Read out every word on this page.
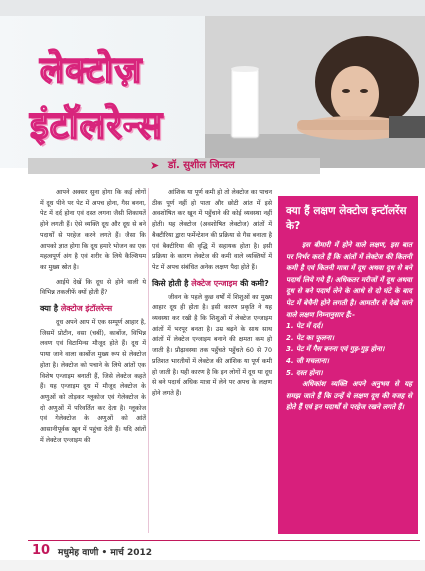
लेक्टोज़
इंटॉलरेन्स
➤ डॉ. सुशील जिन्दल

आपने अक्सर सुना होगा कि कई लोगों में दूध पीने पर पेट में अपच होना, गैस बनना, पेट में दर्द होना एवं दस्त लगना जैसी शिकायतें होने लगती हैं। ऐसे व्यक्ति दूध और दूध से बने पदार्थों से परहेज करने लगते हैं। जैसा कि आपको ज्ञात होगा कि दूध हमारे भोजन का एक महत्वपूर्ण अंग है एवं शरीर के लिये कैल्शियम का मुख्य स्रोत है।

आईये देखें कि दूध से होने वाली ये विभिन्न तकलीफें क्यों होती हैं?

क्या है लेक्टोज इंटॉलरेन्स

दूध अपने आप में एक सम्पूर्ण आहार है, जिसमें प्रोटीन, वसा (चर्बी), कार्बोज, विभिन्न लवण एवं विटामिन्स मौजूद होते हैं। दूध में पाया जाने वाला कार्बोज मुख्य रूप से लेक्टोज होता है। लेक्टोज को पचाने के लिये आंतों एक विशेष एन्जाइम बनाती हैं, जिसे लेक्टेज कहते हैं। यह एन्जाइम दूध में मौजूद लेक्टोज के अणुओं को तोड़कर ग्लूकोज एवं गेलेक्टोज के दो अणुओं में परिवर्तित कर देता है। ग्लूकोज एवं गेलेक्टोज के अणुओं को आंतें आसानीपूर्वक खून में पहुंचा देती हैं। यदि आंतों में लेक्टेज एन्जाइम की

आंशिक या पूर्ण कमी हो तो लेक्टोज का पाचन ठीक पूर्ण नहीं हो पाता और छोटी आंत में इसे अवशोषित कर खून में पहुँचाने की कोई व्यवस्था नहीं होती। यह लेक्टोज (अवशोषित लेक्टोज) आंतों में बैक्टीरिया द्वारा फर्मेन्टेशन की प्रक्रिया से गैस बनाता है एवं बैक्टीरिया की वृद्धि में सहायक होता है। इसी प्रक्रिया के कारण लेक्टेज की कमी वाले व्यक्तियों में पेट में अपच संबंधित अनेक लक्षण पैदा होते हैं।

किसे होती है लेक्टेज एन्जाइम की कमी?

जीवन के पहले कुछ वर्षों में शिशुओं का मुख्य आहार दूध ही होता है। इसी कारण प्रकृति ने यह व्यवस्था कर रखी है कि शिशुओं में लेक्टेज एन्जाइम आंतों में भरपूर बनता है। उम्र बढ़ने के साथ साथ आंतों में लेक्टेज एन्जाइम बनाने की क्षमता कम हो जाती है। प्रौढ़ावस्था तक पहुँचते पहुँचते 60 से 70 प्रतिशत भारतीयों में लेक्टेज की आंशिक या पूर्ण कमी हो जाती है। यही कारण है कि इन लोगों में दूध या दूध से बने पदार्थ अधिक मात्रा में लेने पर अपच के लक्षण होने लगते हैं।

क्या हैं लक्षण लेक्टोज इन्टॉलरेंस के?

इस बीमारी में होने वाले लक्षण, इस बात पर निर्भर करते हैं कि आंतों में लेक्टेज की कितनी कमी है एवं कितनी मात्रा में दूध अथवा दूध से बने पदार्थ लिये गये हैं। अधिकतर मरीजों में दूध अथवा दूध से बने पदार्थ लेने के आधे से दो घंटे के बाद पेट में बेचैनी होने लगती है। आमतौर से देखे जाने वाले लक्षण निम्नानुसार हैं:-

1. पेट में दर्द।
2. पेट का फूलना।
3. पेट में गैस बनना एवं गुड़-गुड़ होना।
4. जी मचलाना।
5. दस्त होना।

अधिकांश व्यक्ति अपने अनुभव से यह समझ जाते हैं कि उन्हें ये लक्षण दूध की वजह से होते हैं एवं इन पदार्थों से परहेज रखने लगते हैं।

10 मधुमेह वाणी • मार्च 2012
